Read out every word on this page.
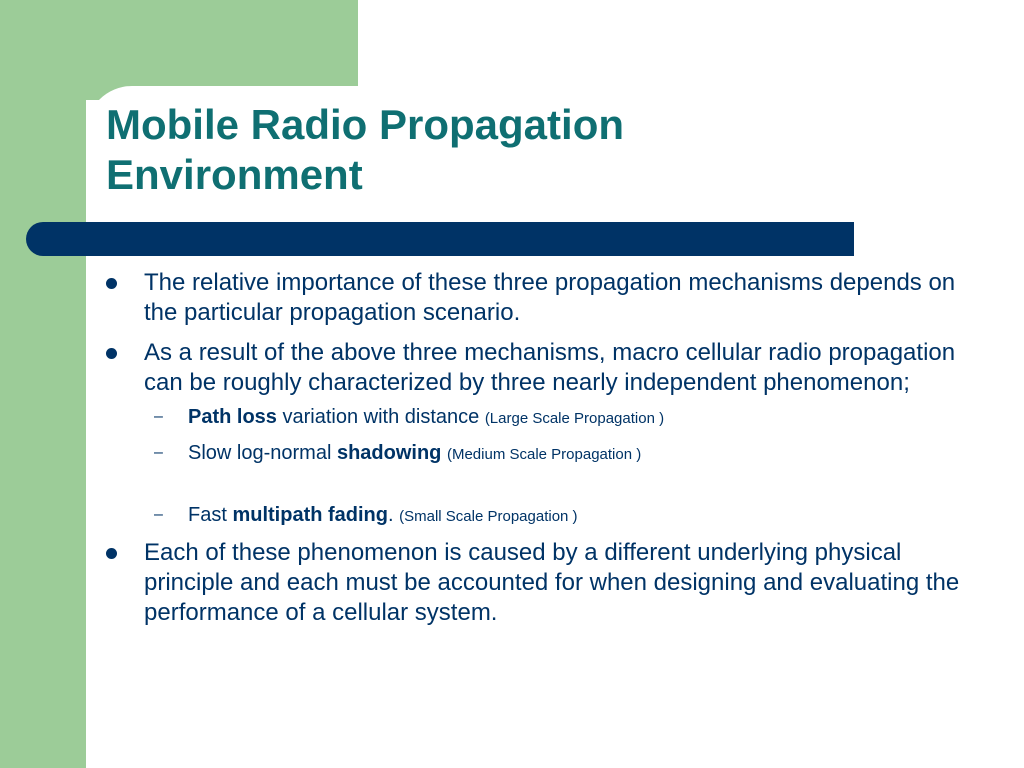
Mobile Radio Propagation
Environment
The relative importance of these three propagation mechanisms depends on the particular propagation scenario.
As a result of the above three mechanisms, macro cellular radio propagation can be roughly characterized by three nearly independent phenomenon;
– Path loss variation with distance (Large Scale Propagation )
– Slow log-normal shadowing (Medium Scale Propagation )
– Fast multipath fading. (Small Scale Propagation )
Each of these phenomenon is caused by a different underlying physical principle and each must be accounted for when designing and evaluating the performance of a cellular system.
